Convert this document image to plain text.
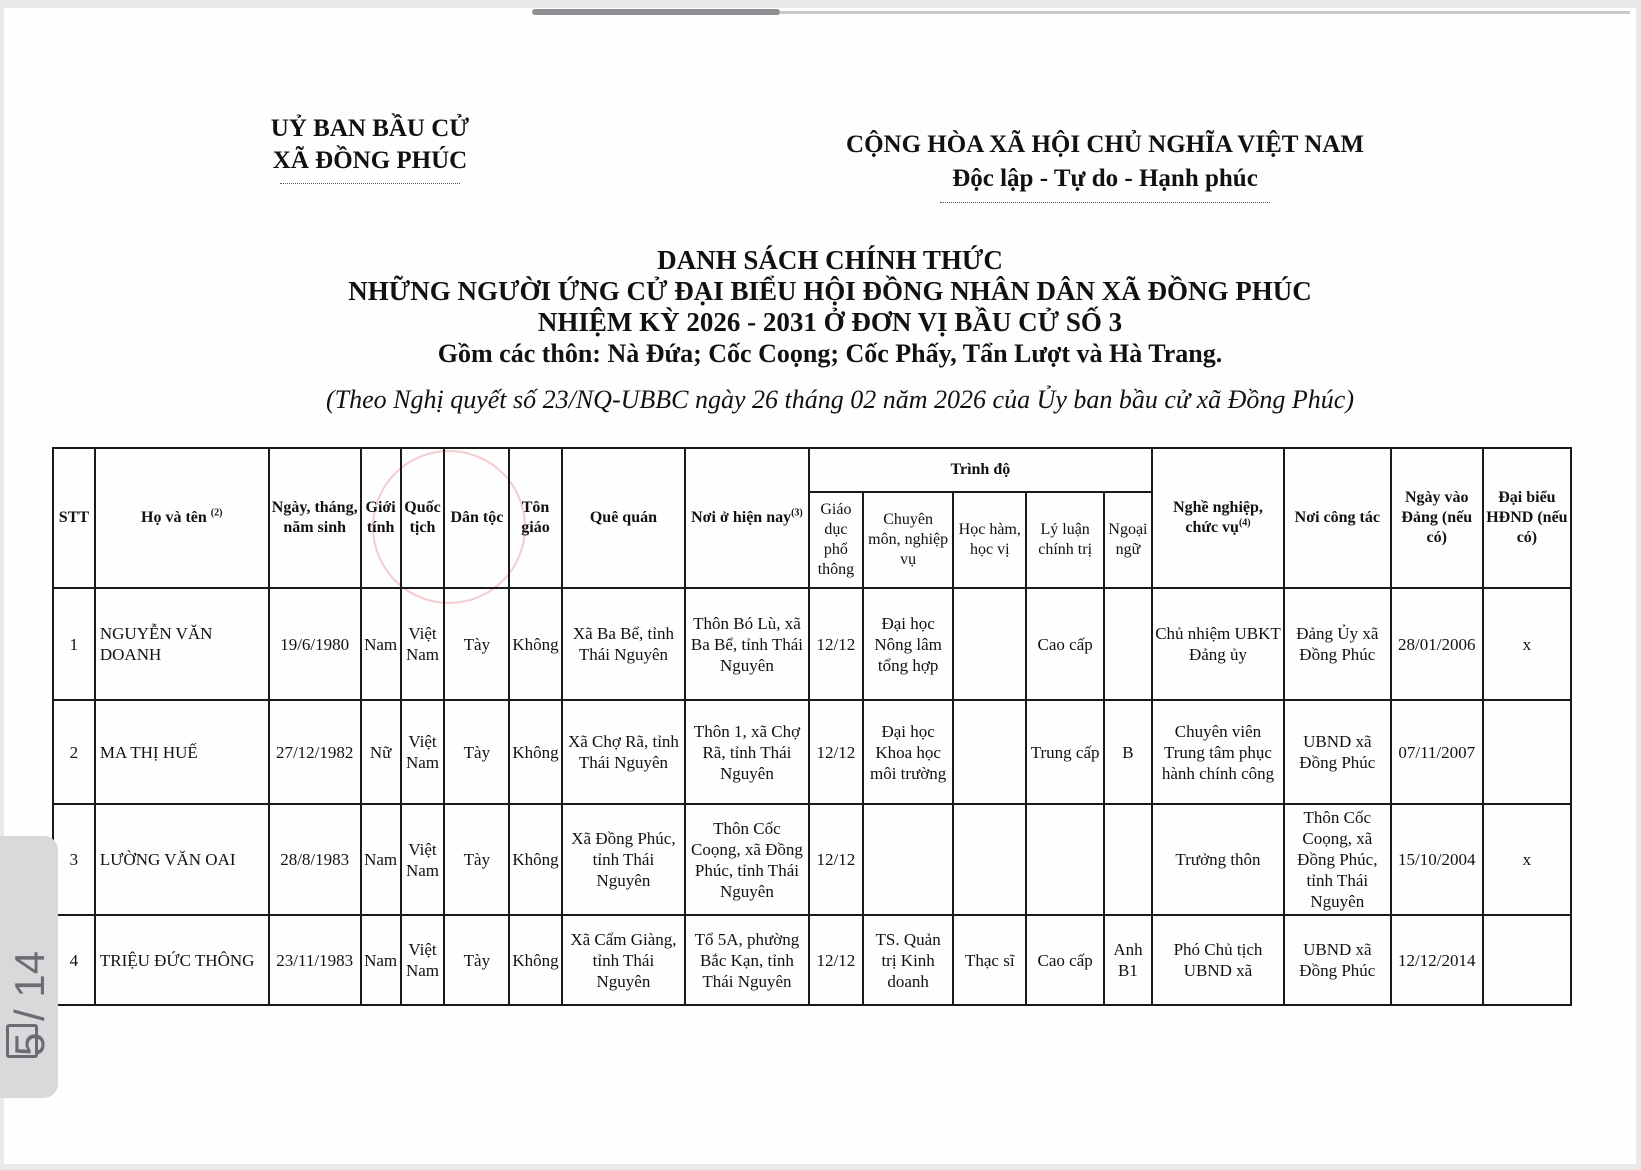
UỶ BAN BẦU CỬ
XÃ ĐỒNG PHÚC
CỘNG HÒA XÃ HỘI CHỦ NGHĨA VIỆT NAM
Độc lập - Tự do - Hạnh phúc
DANH SÁCH CHÍNH THỨC
NHỮNG NGƯỜI ỨNG CỬ ĐẠI BIỂU HỘI ĐỒNG NHÂN DÂN XÃ ĐỒNG PHÚC
NHIỆM KỲ 2026 - 2031 Ở ĐƠN VỊ BẦU CỬ SỐ 3
Gồm các thôn: Nà Đứa; Cốc Coọng; Cốc Phấy, Tẩn Lượt và Hà Trang.
(Theo Nghị quyết số 23/NQ-UBBC ngày 26 tháng 02 năm 2026 của Ủy ban bầu cử xã Đồng Phúc)
STT	Họ và tên $^{(2)}$	Ngày, tháng, năm sinh	Giới tính	Quốc tịch	Dân tộc	Tôn giáo	Quê quán	Nơi ở hiện nay$^{(3)}$	Trình độ					Nghề nghiệp, chức vụ$^{(4)}$	Nơi công tác	Ngày vào Đảng (nếu có)	Đại biểu HĐND (nếu có)
									Giáo dục phổ thông	Chuyên môn, nghiệp vụ	Học hàm, học vị	Lý luận chính trị	Ngoại ngữ				
1	NGUYỄN VĂN DOANH	19/6/1980	Nam	Việt Nam	Tày	Không	Xã Ba Bể, tỉnh Thái Nguyên	Thôn Bó Lù, xã Ba Bể, tỉnh Thái Nguyên	12/12	Đại học Nông lâm tổng hợp		Cao cấp		Chủ nhiệm UBKT Đảng ủy	Đảng Ủy xã Đồng Phúc	28/01/2006	x
2	MA THỊ HUẾ	27/12/1982	Nữ	Việt Nam	Tày	Không	Xã Chợ Rã, tỉnh Thái Nguyên	Thôn 1, xã Chợ Rã, tỉnh Thái Nguyên	12/12	Đại học Khoa học môi trường		Trung cấp	B	Chuyên viên Trung tâm phục hành chính công	UBND xã Đồng Phúc	07/11/2007	
3	LƯỜNG VĂN OAI	28/8/1983	Nam	Việt Nam	Tày	Không	Xã Đồng Phúc, tỉnh Thái Nguyên	Thôn Cốc Coọng, xã Đồng Phúc, tỉnh Thái Nguyên	12/12					Trưởng thôn	Thôn Cốc Coọng, xã Đồng Phúc, tỉnh Thái Nguyên	15/10/2004	x
4	TRIỆU ĐỨC THÔNG	23/11/1983	Nam	Việt Nam	Tày	Không	Xã Cẩm Giàng, tỉnh Thái Nguyên	Tổ 5A, phường Bắc Kạn, tỉnh Thái Nguyên	12/12	TS. Quản trị Kinh doanh	Thạc sĩ	Cao cấp	Anh B1	Phó Chủ tịch UBND xã	UBND xã Đồng Phúc	12/12/2014	
5 / 14
